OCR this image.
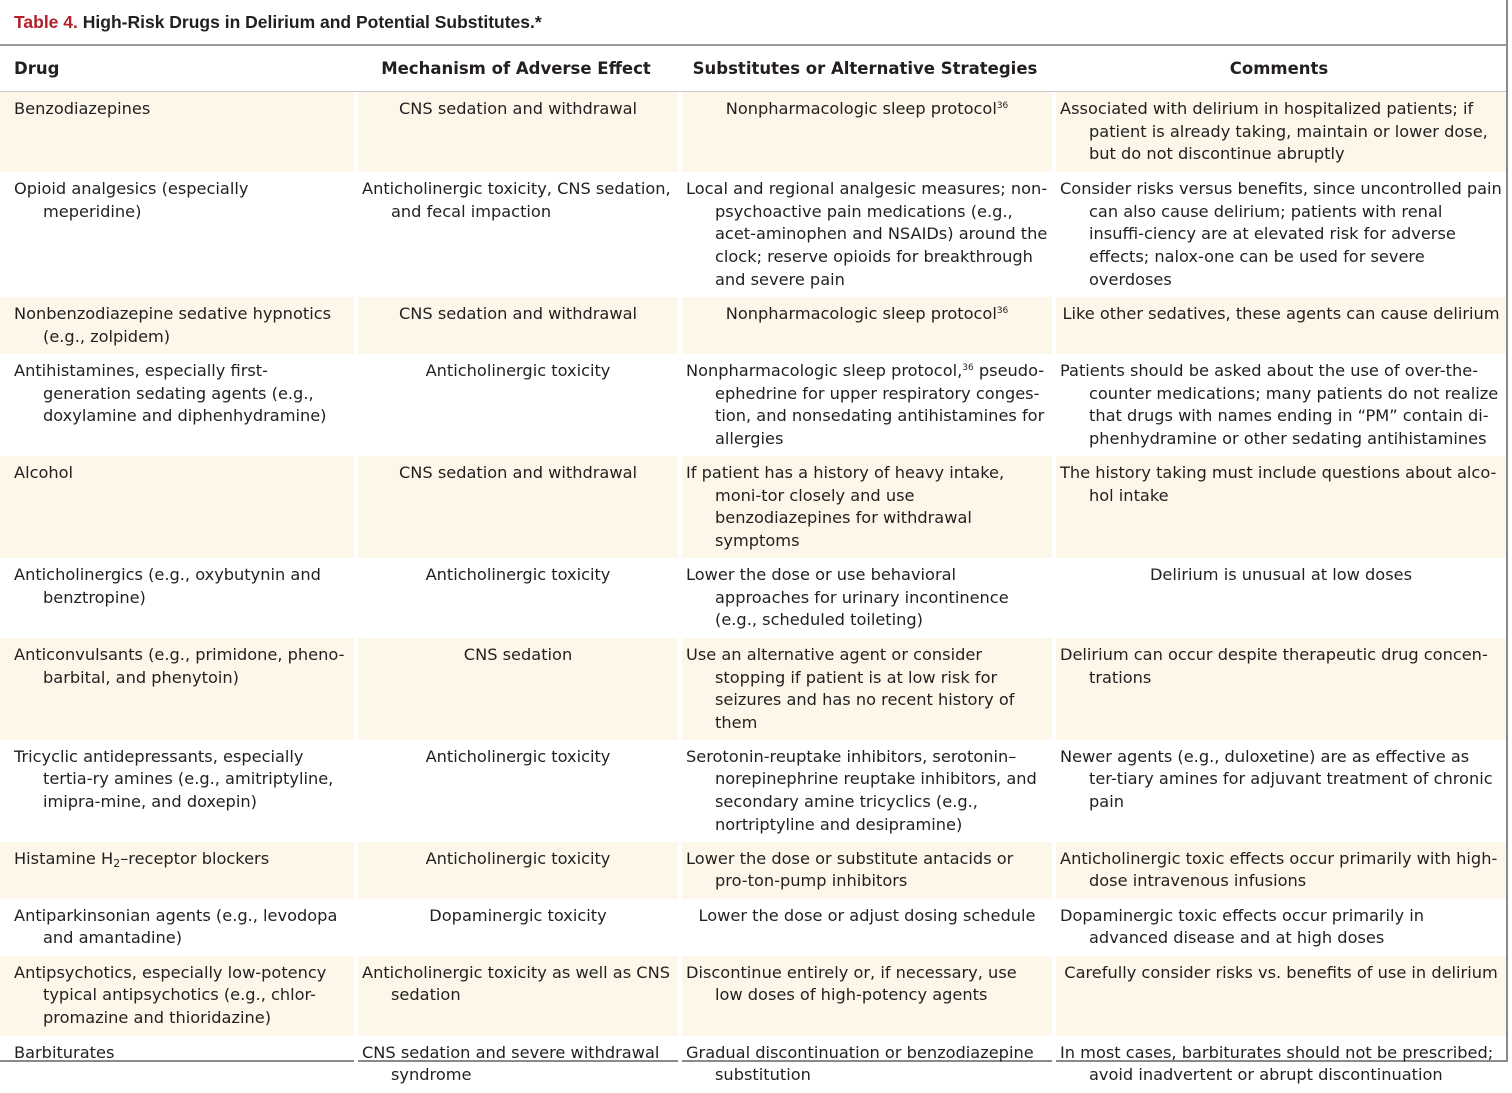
Table 4. High-Risk Drugs in Delirium and Potential Substitutes.*
Drug	Mechanism of Adverse Effect	Substitutes or Alternative Strategies	Comments

Benzodiazepines	CNS sedation and withdrawal	Nonpharmacologic sleep protocol$^{36}$	Associated with delirium in hospitalized patients; if patient is already taking, maintain or lower dose, but do not discontinue abruptly

Opioid analgesics (especially meperidine)	Anticholinergic toxicity, CNS sedation, and fecal impaction	Local and regional analgesic measures; non-psychoactive pain medications (e.g., acet-aminophen and NSAIDs) around the clock; reserve opioids for breakthrough and severe pain	Consider risks versus benefits, since uncontrolled pain can also cause delirium; patients with renal insuffi-ciency are at elevated risk for adverse effects; nalox-one can be used for severe overdoses

Nonbenzodiazepine sedative hypnotics (e.g., zolpidem)	CNS sedation and withdrawal	Nonpharmacologic sleep protocol$^{36}$	Like other sedatives, these agents can cause delirium

Antihistamines, especially first-generation sedating agents (e.g., doxylamine and diphenhydramine)	Anticholinergic toxicity	Nonpharmacologic sleep protocol,$^{36}$ pseudo-ephedrine for upper respiratory conges-tion, and nonsedating antihistamines for allergies	Patients should be asked about the use of over-the-counter medications; many patients do not realize that drugs with names ending in “PM” contain di-phenhydramine or other sedating antihistamines

Alcohol	CNS sedation and withdrawal	If patient has a history of heavy intake, moni-tor closely and use benzodiazepines for withdrawal symptoms	The history taking must include questions about alco-hol intake

Anticholinergics (e.g., oxybutynin and benztropine)	Anticholinergic toxicity	Lower the dose or use behavioral approaches for urinary incontinence (e.g., scheduled toileting)	Delirium is unusual at low doses

Anticonvulsants (e.g., primidone, pheno-barbital, and phenytoin)	CNS sedation	Use an alternative agent or consider stopping if patient is at low risk for seizures and has no recent history of them	Delirium can occur despite therapeutic drug concen-trations

Tricyclic antidepressants, especially tertia-ry amines (e.g., amitriptyline, imipra-mine, and doxepin)	Anticholinergic toxicity	Serotonin-reuptake inhibitors, serotonin–norepinephrine reuptake inhibitors, and secondary amine tricyclics (e.g., nortriptyline and desipramine)	Newer agents (e.g., duloxetine) are as effective as ter-tiary amines for adjuvant treatment of chronic pain

Histamine $H_2$–receptor blockers	Anticholinergic toxicity	Lower the dose or substitute antacids or pro-ton-pump inhibitors	Anticholinergic toxic effects occur primarily with high-dose intravenous infusions

Antiparkinsonian agents (e.g., levodopa and amantadine)	Dopaminergic toxicity	Lower the dose or adjust dosing schedule	Dopaminergic toxic effects occur primarily in advanced disease and at high doses

Antipsychotics, especially low-potency typical antipsychotics (e.g., chlor-promazine and thioridazine)	Anticholinergic toxicity as well as CNS sedation	Discontinue entirely or, if necessary, use low doses of high-potency agents	Carefully consider risks vs. benefits of use in delirium

Barbiturates	CNS sedation and severe withdrawal syndrome	Gradual discontinuation or benzodiazepine substitution	In most cases, barbiturates should not be prescribed; avoid inadvertent or abrupt discontinuation
